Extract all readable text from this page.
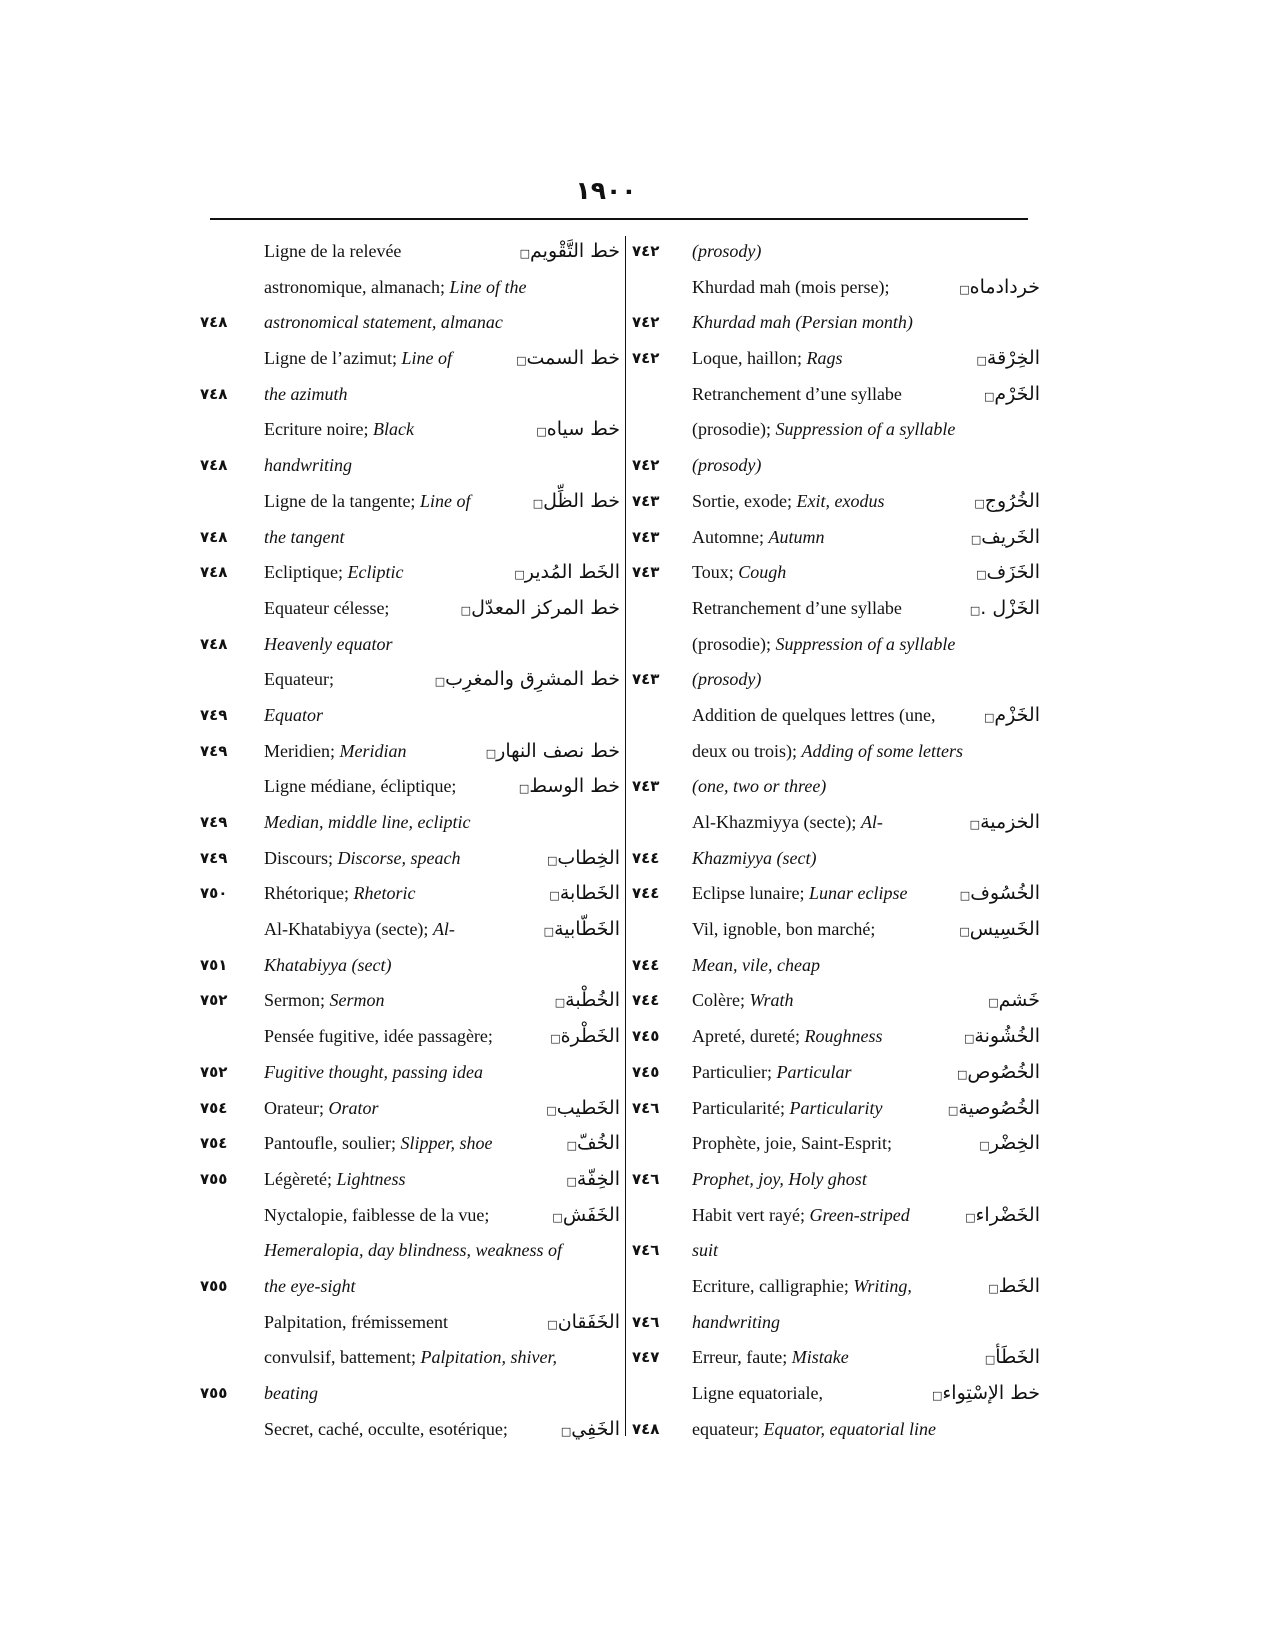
١٩٠٠
Ligne de la relevée	خط التَّقْويم □
astronomique, almanach; Line of the
٧٤٨	astronomical statement, almanac
Ligne de l’azimut; Line of	خط السمت □
٧٤٨	the azimuth
Ecriture noire; Black	خط سياه □
٧٤٨	handwriting
Ligne de la tangente; Line of	خط الظِّل □
٧٤٨	the tangent
٧٤٨	Ecliptique; Ecliptic	الخَط المُدير □
Equateur célesse;	خط المركز المعدّل □
٧٤٨	Heavenly equator
Equateur;	خط المشرِق والمغرِب □
٧٤٩	Equator
٧٤٩	Meridien; Meridian	خط نصف النهار □
Ligne médiane, écliptique;	خط الوسط □
٧٤٩	Median, middle line, ecliptic
٧٤٩	Discours; Discorse, speach	الخِطاب □
٧٥٠	Rhétorique; Rhetoric	الخَطابة □
Al-Khatabiyya (secte); Al-	الخَطّابية □
٧٥١	Khatabiyya (sect)
٧٥٢	Sermon; Sermon	الخُطْبة □
Pensée fugitive, idée passagère;	الخَطْرة □
٧٥٢	Fugitive thought, passing idea
٧٥٤	Orateur; Orator	الخَطيب □
٧٥٤	Pantoufle, soulier; Slipper, shoe	الخُفّ □
٧٥٥	Légèreté; Lightness	الخِفّة □
Nyctalopie, faiblesse de la vue;	الخَفَش □
Hemeralopia, day blindness, weakness of
٧٥٥	the eye-sight
Palpitation, frémissement	الخَفَقان □
convulsif, battement; Palpitation, shiver,
٧٥٥	beating
Secret, caché, occulte, esotérique;	الخَفِي □
٧٤٢	(prosody)
Khurdad mah (mois perse);	خردادماه □
٧٤٢	Khurdad mah (Persian month)
٧٤٢	Loque, haillon; Rags	الخِرْقة □
Retranchement d’une syllabe	الخَرْم □
(prosodie); Suppression of a syllable
٧٤٢	(prosody)
٧٤٣	Sortie, exode; Exit, exodus	الخُرُوج □
٧٤٣	Automne; Autumn	الخَريف □
٧٤٣	Toux; Cough	الخَزَف □
Retranchement d’une syllabe	الخَزْل . □
(prosodie); Suppression of a syllable
٧٤٣	(prosody)
Addition de quelques lettres (une,	الخَزْم □
deux ou trois); Adding of some letters
٧٤٣	(one, two or three)
Al-Khazmiyya (secte); Al-	الخزمية □
٧٤٤	Khazmiyya (sect)
٧٤٤	Eclipse lunaire; Lunar eclipse	الخُسُوف □
Vil, ignoble, bon marché;	الخَسِيس □
٧٤٤	Mean, vile, cheap
٧٤٤	Colère; Wrath	خَشم □
٧٤٥	Apreté, dureté; Roughness	الخُشُونة □
٧٤٥	Particulier; Particular	الخُصُوص □
٧٤٦	Particularité; Particularity	الخُصُوصية □
Prophète, joie, Saint-Esprit;	الخِضْر □
٧٤٦	Prophet, joy, Holy ghost
Habit vert rayé; Green-striped	الخَضْراء □
٧٤٦	suit
Ecriture, calligraphie; Writing,	الخَط □
٧٤٦	handwriting
٧٤٧	Erreur, faute; Mistake	الخَطَأ □
Ligne equatoriale,	خط الإسْتِواء □
٧٤٨	equateur; Equator, equatorial line
